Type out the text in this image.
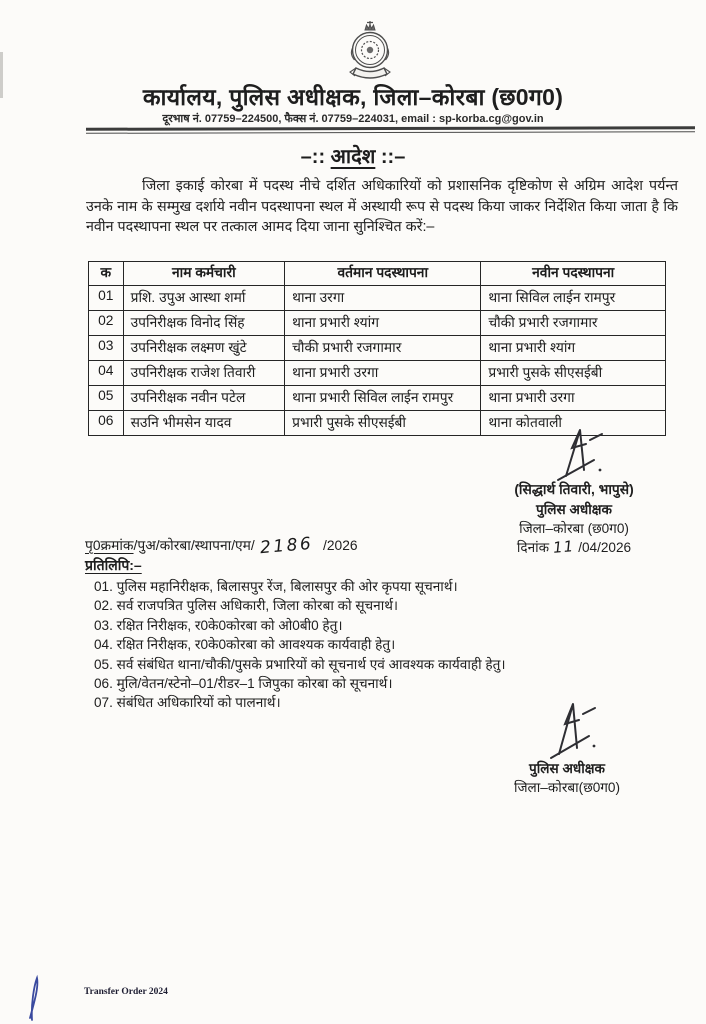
कार्यालय, पुलिस अधीक्षक, जिला–कोरबा (छ0ग0)
दूरभाष नं. 07759–224500, फैक्स नं. 07759–224031, email : sp-korba.cg@gov.in
–:: आदेश ::–

जिला इकाई कोरबा में पदस्थ नीचे दर्शित अधिकारियों को प्रशासनिक दृष्टिकोण से अग्रिम आदेश पर्यन्त उनके नाम के सम्मुख दर्शाये नवीन पदस्थापना स्थल में अस्थायी रूप से पदस्थ किया जाकर निर्देशित किया जाता है कि नवीन पदस्थापना स्थल पर तत्काल आमद दिया जाना सुनिश्चित करें:–

क	नाम कर्मचारी	वर्तमान पदस्थापना	नवीन पदस्थापना
01	प्रशि. उपुअ आस्था शर्मा	थाना उरगा	थाना सिविल लाईन रामपुर
02	उपनिरीक्षक विनोद सिंह	थाना प्रभारी श्यांग	चौकी प्रभारी रजगामार
03	उपनिरीक्षक लक्ष्मण खुंटे	चौकी प्रभारी रजगामार	थाना प्रभारी श्यांग
04	उपनिरीक्षक राजेश तिवारी	थाना प्रभारी उरगा	प्रभारी पुसके सीएसईबी
05	उपनिरीक्षक नवीन पटेल	थाना प्रभारी सिविल लाईन रामपुर	थाना प्रभारी उरगा
06	सउनि भीमसेन यादव	प्रभारी पुसके सीएसईबी	थाना कोतवाली
(सिद्धार्थ तिवारी, भापुसे)
पुलिस अधीक्षक
जिला–कोरबा (छ0ग0)
दिनांक 11 /04/2026
पृ0क्रमांक/पुअ/कोरबा/स्थापना/एम/ 2186 /2026
प्रतिलिपि:–
01. पुलिस महानिरीक्षक, बिलासपुर रेंज, बिलासपुर की ओर कृपया सूचनार्थ।
02. सर्व राजपत्रित पुलिस अधिकारी, जिला कोरबा को सूचनार्थ।
03. रक्षित निरीक्षक, र0के0कोरबा को ओ0बी0 हेतु।
04. रक्षित निरीक्षक, र0के0कोरबा को आवश्यक कार्यवाही हेतु।
05. सर्व संबंधित थाना/चौकी/पुसके प्रभारियों को सूचनार्थ एवं आवश्यक कार्यवाही हेतु।
06. मुलि/वेतन/स्टेनो–01/रीडर–1 जिपुका कोरबा को सूचनार्थ।
07. संबंधित अधिकारियों को पालनार्थ।
पुलिस अधीक्षक
जिला–कोरबा(छ0ग0)
Transfer Order 2024
